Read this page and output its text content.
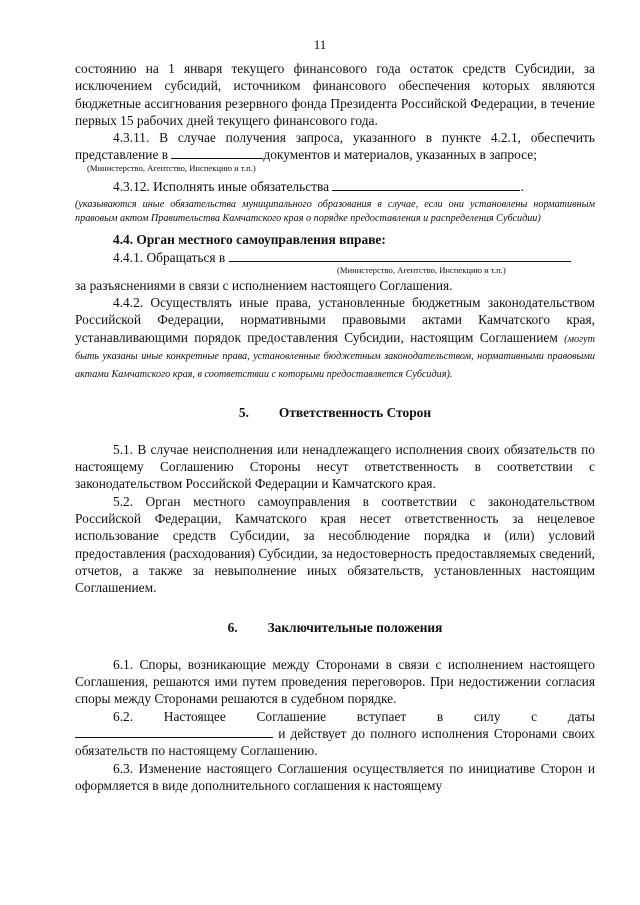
11

состоянию на 1 января текущего финансового года остаток средств Субсидии, за исключением субсидий, источником финансового обеспечения которых являются бюджетные ассигнования резервного фонда Президента Российской Федерации, в течение первых 15 рабочих дней текущего финансового года.

4.3.11. В случае получения запроса, указанного в пункте 4.2.1, обеспечить представление в	документов и материалов, указанных в запросе;

(Министерство, Агентство, Инспекцию и т.п.)

4.3.12. Исполнять иные обязательства	.

(указываются иные обязательства муниципального образования в случае, если они установлены нормативным правовым актом Правительства Камчатского края о порядке предоставления и распределения Субсидии)

4.4. Орган местного самоуправления вправе:

4.4.1. Обращаться в

(Министерство, Агентство, Инспекцию и т.п.)

за разъяснениями в связи с исполнением настоящего Соглашения.

4.4.2. Осуществлять иные права, установленные бюджетным законодательством Российской Федерации, нормативными правовыми актами Камчатского края, устанавливающими порядок предоставления Субсидии, настоящим Соглашением (могут быть указаны иные конкретные права, установленные бюджетным законодательством, нормативными правовыми актами Камчатского края, в соответствии с которыми предоставляется Субсидия).

5. Ответственность Сторон

5.1. В случае неисполнения или ненадлежащего исполнения своих обязательств по настоящему Соглашению Стороны несут ответственность в соответствии с законодательством Российской Федерации и Камчатского края.

5.2. Орган местного самоуправления в соответствии с законодательством Российской Федерации, Камчатского края несет ответственность за нецелевое использование средств Субсидии, за несоблюдение порядка и (или) условий предоставления (расходования) Субсидии, за недостоверность предоставляемых сведений, отчетов, а также за невыполнение иных обязательств, установленных настоящим Соглашением.

6. Заключительные положения

6.1. Споры, возникающие между Сторонами в связи с исполнением настоящего Соглашения, решаются ими путем проведения переговоров. При недостижении согласия споры между Сторонами решаются в судебном порядке.

6.2. Настоящее Соглашение вступает в силу с даты

и действует до полного исполнения Сторонами своих обязательств по настоящему Соглашению.

6.3. Изменение настоящего Соглашения осуществляется по инициативе Сторон и оформляется в виде дополнительного соглашения к настоящему
